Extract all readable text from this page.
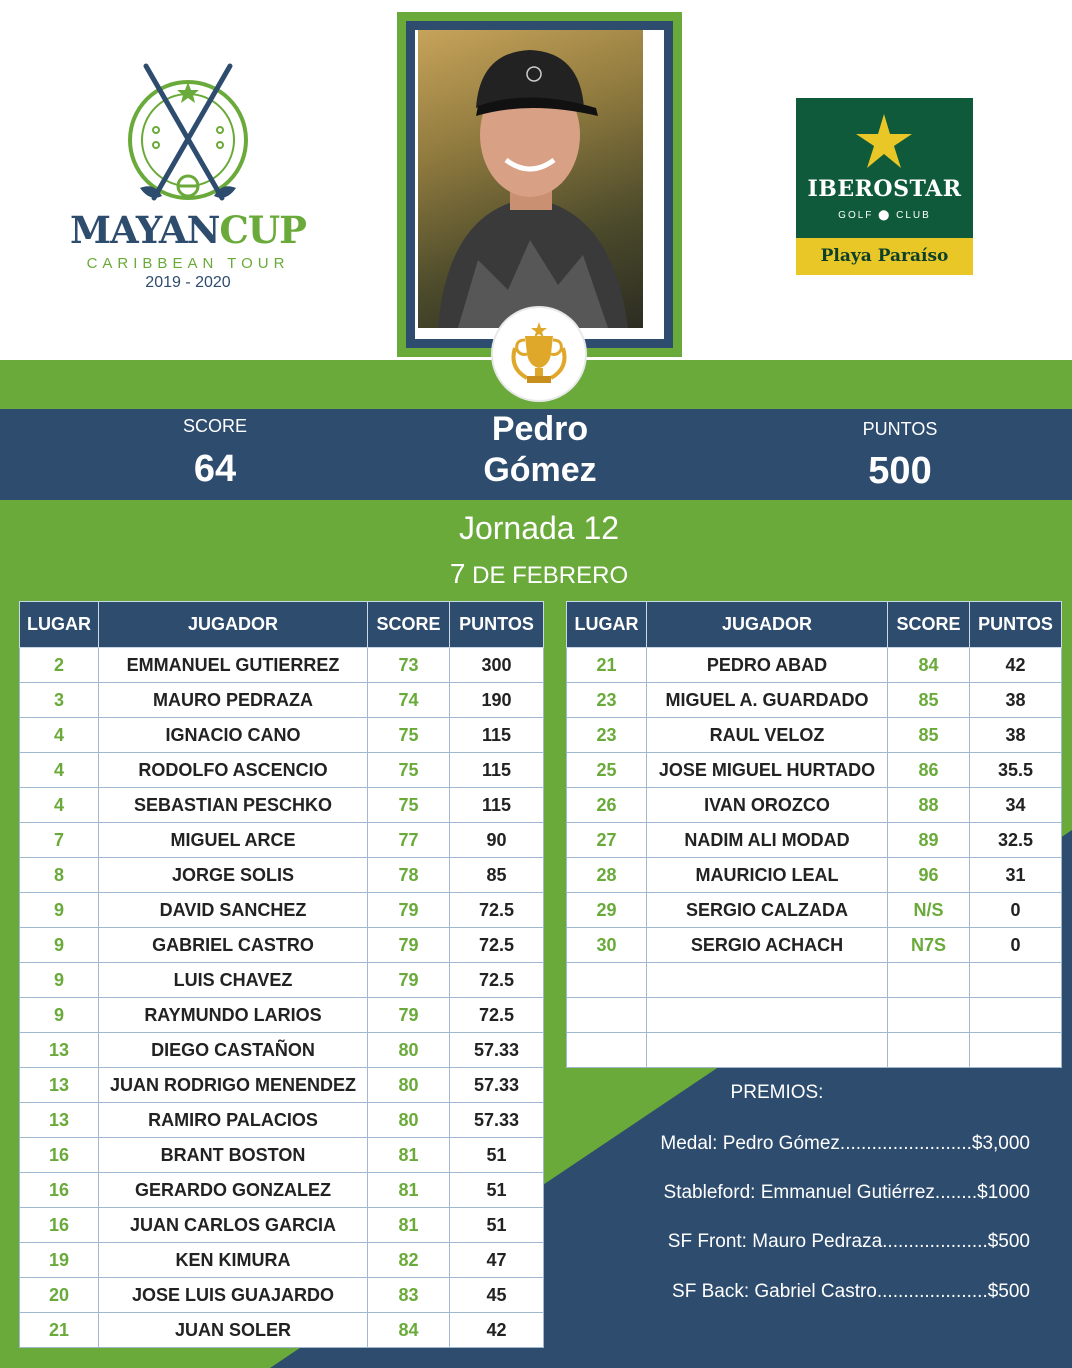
MAYANCUP
CARIBBEAN TOUR
2019 - 2020
IBEROSTAR
GOLF ⬤ CLUB
Playa Paraíso
SCORE
64
Pedro
Gómez
PUNTOS
500
Jornada 12
7 DE FEBRERO
LUGAR	JUGADOR	SCORE	PUNTOS
2	EMMANUEL GUTIERREZ	73	300
3	MAURO PEDRAZA	74	190
4	IGNACIO CANO	75	115
4	RODOLFO ASCENCIO	75	115
4	SEBASTIAN PESCHKO	75	115
7	MIGUEL ARCE	77	90
8	JORGE SOLIS	78	85
9	DAVID SANCHEZ	79	72.5
9	GABRIEL CASTRO	79	72.5
9	LUIS CHAVEZ	79	72.5
9	RAYMUNDO LARIOS	79	72.5
13	DIEGO CASTAÑON	80	57.33
13	JUAN RODRIGO MENENDEZ	80	57.33
13	RAMIRO PALACIOS	80	57.33
16	BRANT BOSTON	81	51
16	GERARDO GONZALEZ	81	51
16	JUAN CARLOS GARCIA	81	51
19	KEN KIMURA	82	47
20	JOSE LUIS GUAJARDO	83	45
21	JUAN SOLER	84	42
LUGAR	JUGADOR	SCORE	PUNTOS
21	PEDRO ABAD	84	42
23	MIGUEL A. GUARDADO	85	38
23	RAUL VELOZ	85	38
25	JOSE MIGUEL HURTADO	86	35.5
26	IVAN OROZCO	88	34
27	NADIM ALI MODAD	89	32.5
28	MAURICIO LEAL	96	31
29	SERGIO CALZADA	N/S	0
30	SERGIO ACHACH	N7S	0

PREMIOS:
Medal: Pedro Gómez.........................$3,000
Stableford: Emmanuel Gutiérrez........$1000
SF Front: Mauro Pedraza....................$500
SF Back: Gabriel Castro.....................$500
